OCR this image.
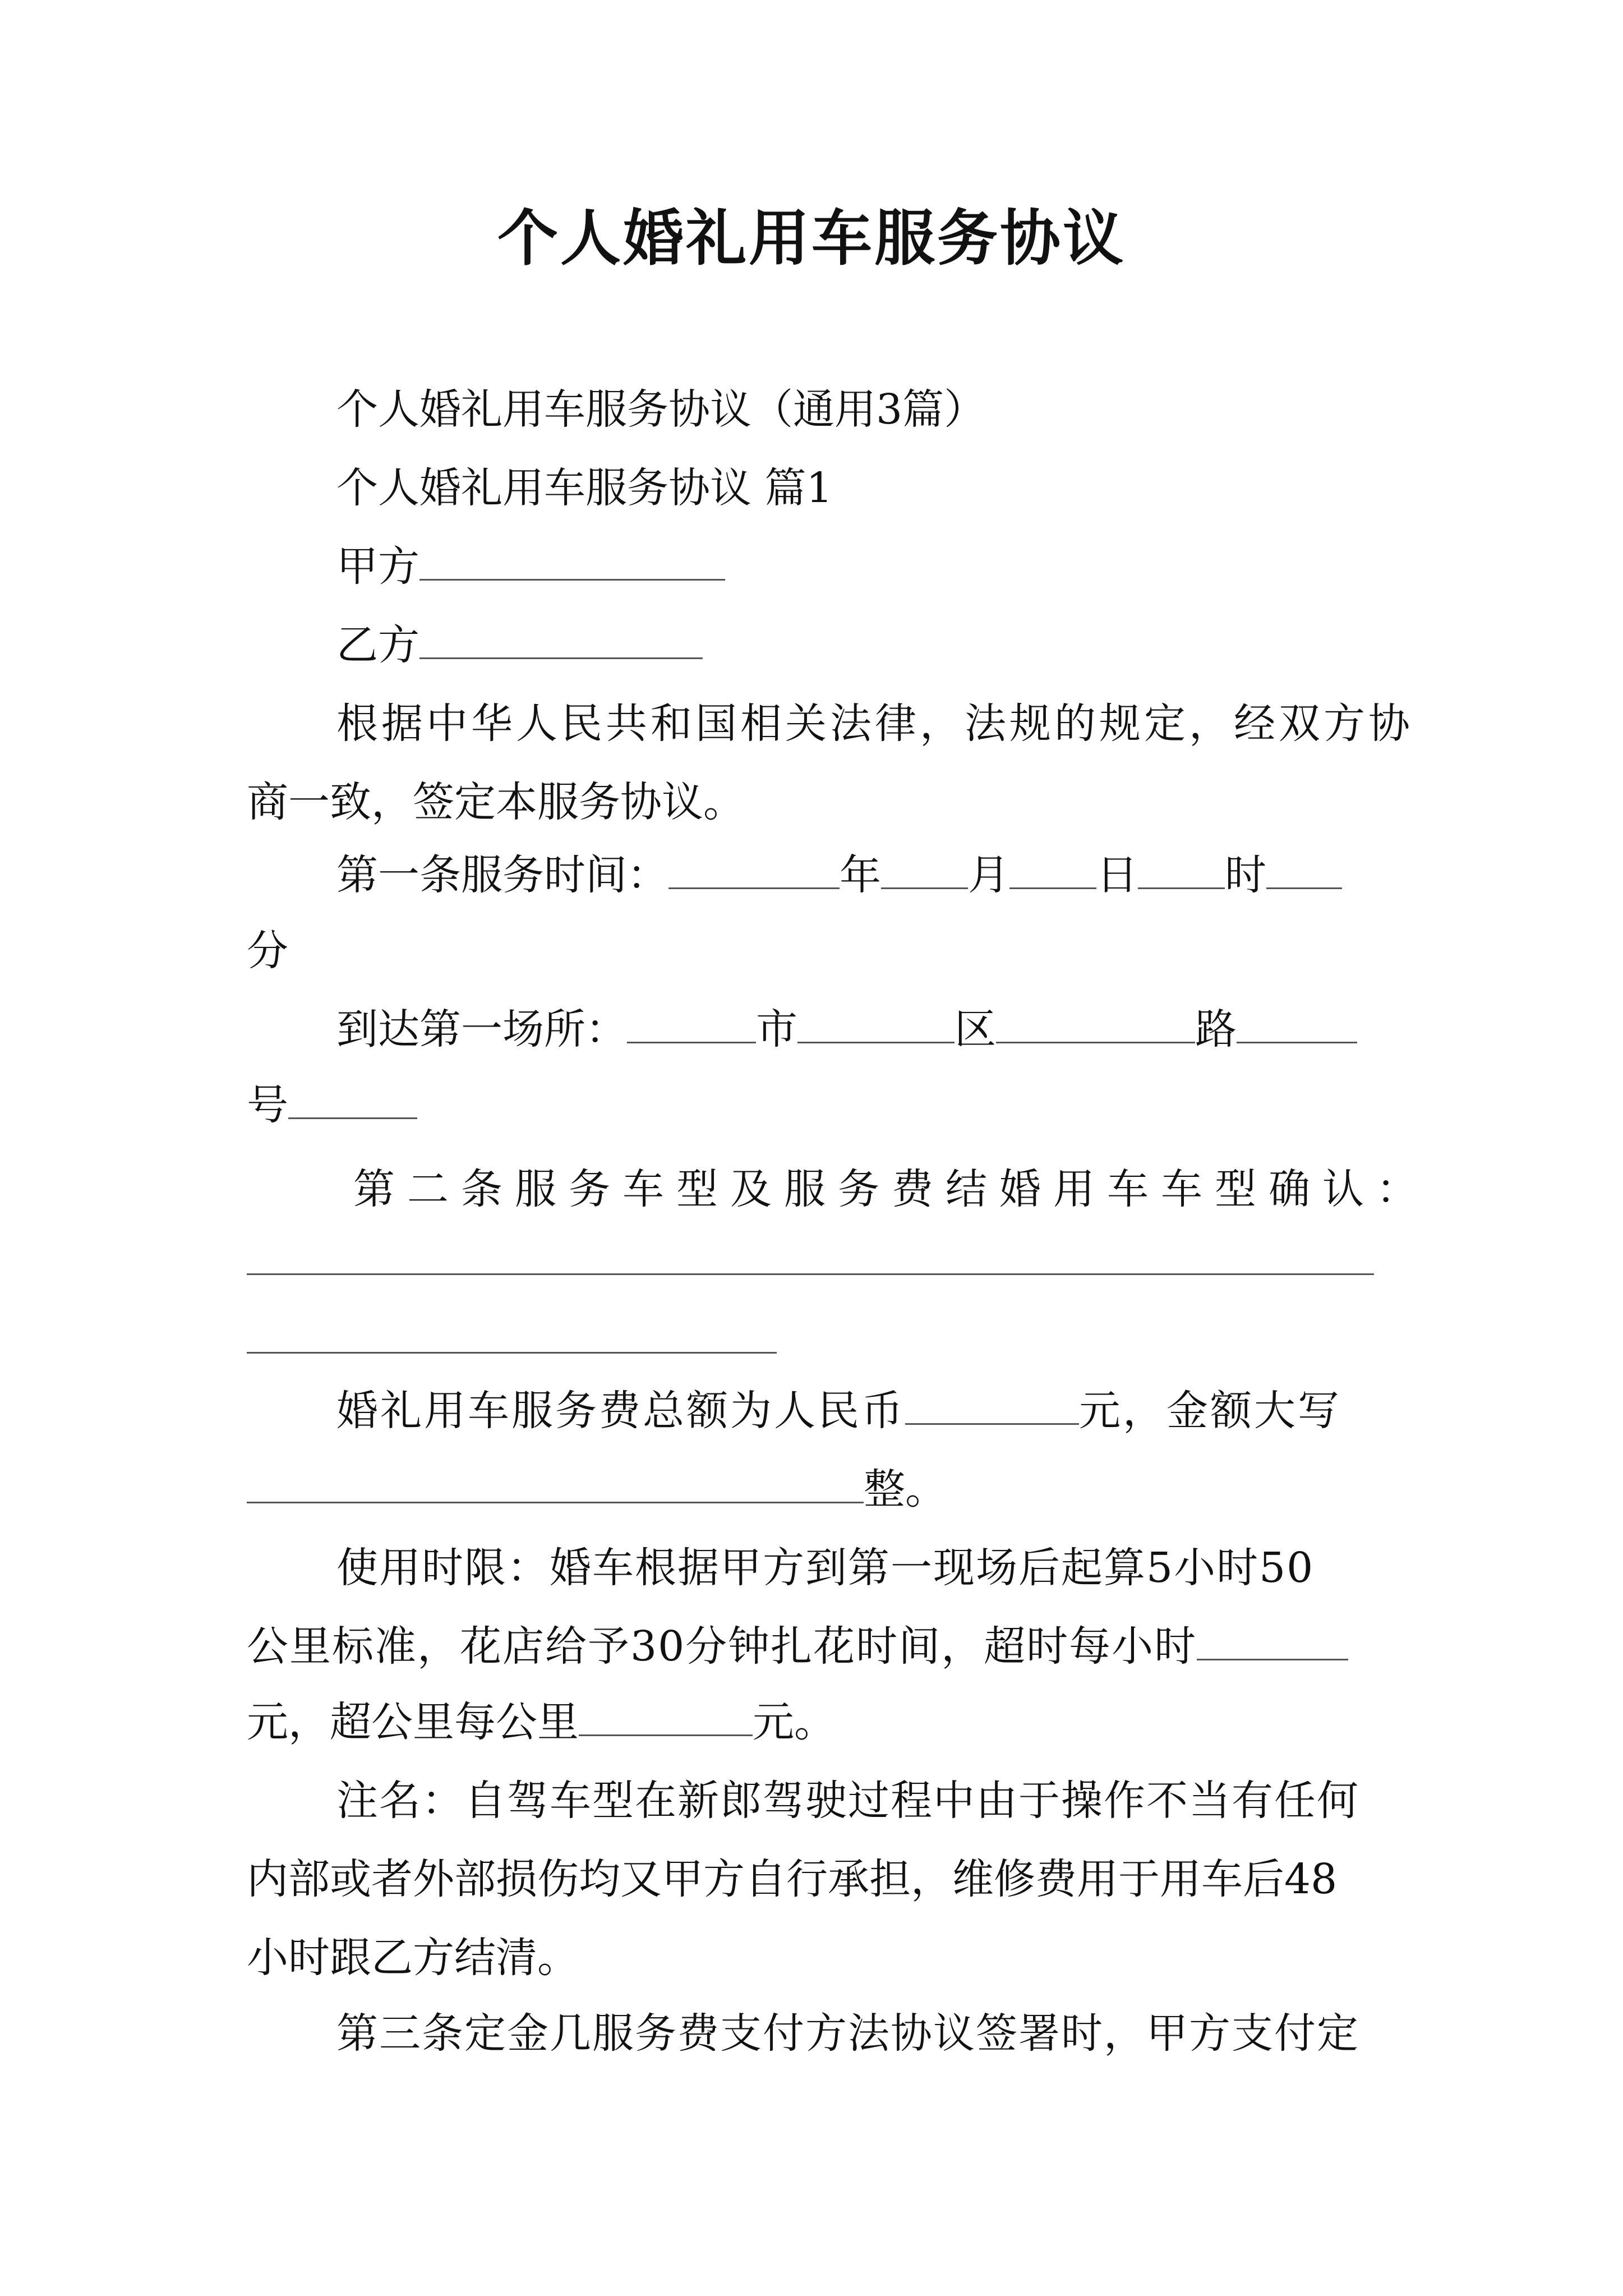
个人婚礼用车服务协议
个人婚礼用车服务协议（通用3篇）
个人婚礼用车服务协议 篇1
甲方
乙方
根据中华人民共和国相关法律，法规的规定，经双方协
商一致，签定本服务协议。
第一条服务时间：	年 月 日 时
分
到达第一场所：	市	区	路
号
第二条服务车型及服务费结婚用车车型确认：
婚礼用车服务费总额为人民币	元，金额大写
整。
使用时限：婚车根据甲方到第一现场后起算5小时50
公里标准，花店给予30分钟扎花时间，超时每小时
元，超公里每公里	元。
注名：自驾车型在新郎驾驶过程中由于操作不当有任何
内部或者外部损伤均又甲方自行承担，维修费用于用车后48
小时跟乙方结清。
第三条定金几服务费支付方法协议签署时，甲方支付定
